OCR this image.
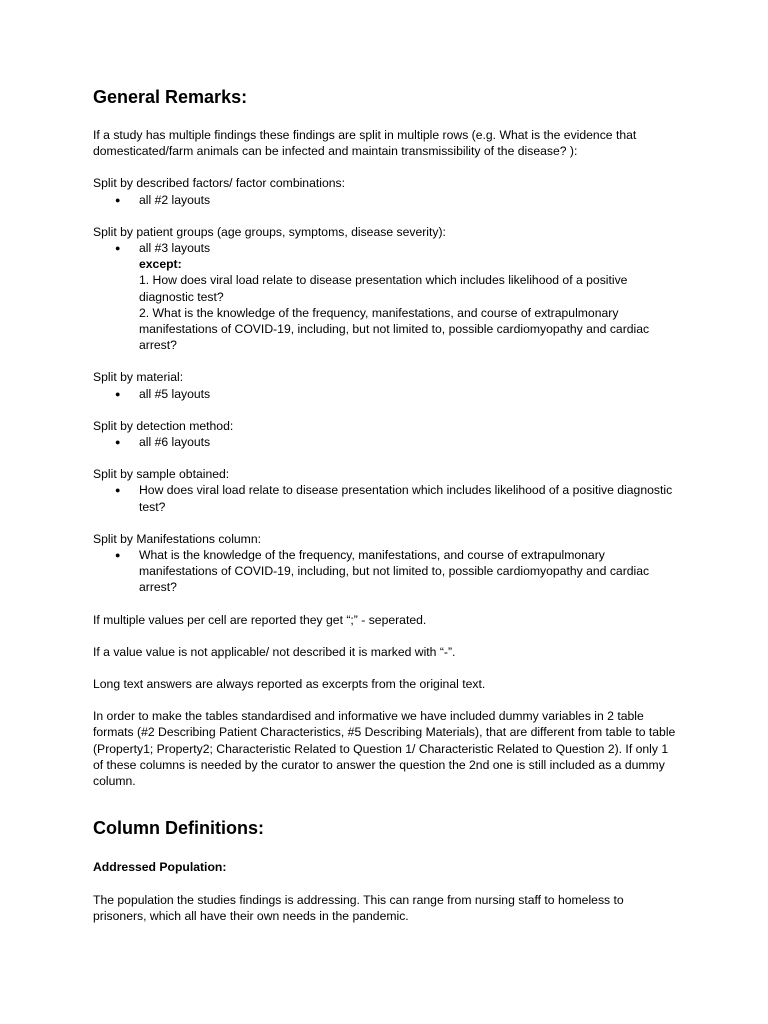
General Remarks:

If a study has multiple findings these findings are split in multiple rows (e.g. What is the evidence that domesticated/farm animals can be infected and maintain transmissibility of the disease? ):

Split by described factors/ factor combinations:

● all #2 layouts

Split by patient groups (age groups, symptoms, disease severity):

● all #3 layouts
except:
1. How does viral load relate to disease presentation which includes likelihood of a positive diagnostic test?
2. What is the knowledge of the frequency, manifestations, and course of extrapulmonary manifestations of COVID-19, including, but not limited to, possible cardiomyopathy and cardiac arrest?

Split by material:

● all #5 layouts

Split by detection method:

● all #6 layouts

Split by sample obtained:

● How does viral load relate to disease presentation which includes likelihood of a positive diagnostic test?

Split by Manifestations column:

● What is the knowledge of the frequency, manifestations, and course of extrapulmonary manifestations of COVID-19, including, but not limited to, possible cardiomyopathy and cardiac arrest?

If multiple values per cell are reported they get “;” - seperated.

If a value value is not applicable/ not described it is marked with “-”.

Long text answers are always reported as excerpts from the original text.

In order to make the tables standardised and informative we have included dummy variables in 2 table formats (#2 Describing Patient Characteristics, #5 Describing Materials), that are different from table to table (Property1; Property2; Characteristic Related to Question 1/ Characteristic Related to Question 2). If only 1 of these columns is needed by the curator to answer the question the 2nd one is still included as a dummy column.

Column Definitions:
Addressed Population:

The population the studies findings is addressing. This can range from nursing staff to homeless to prisoners, which all have their own needs in the pandemic.
